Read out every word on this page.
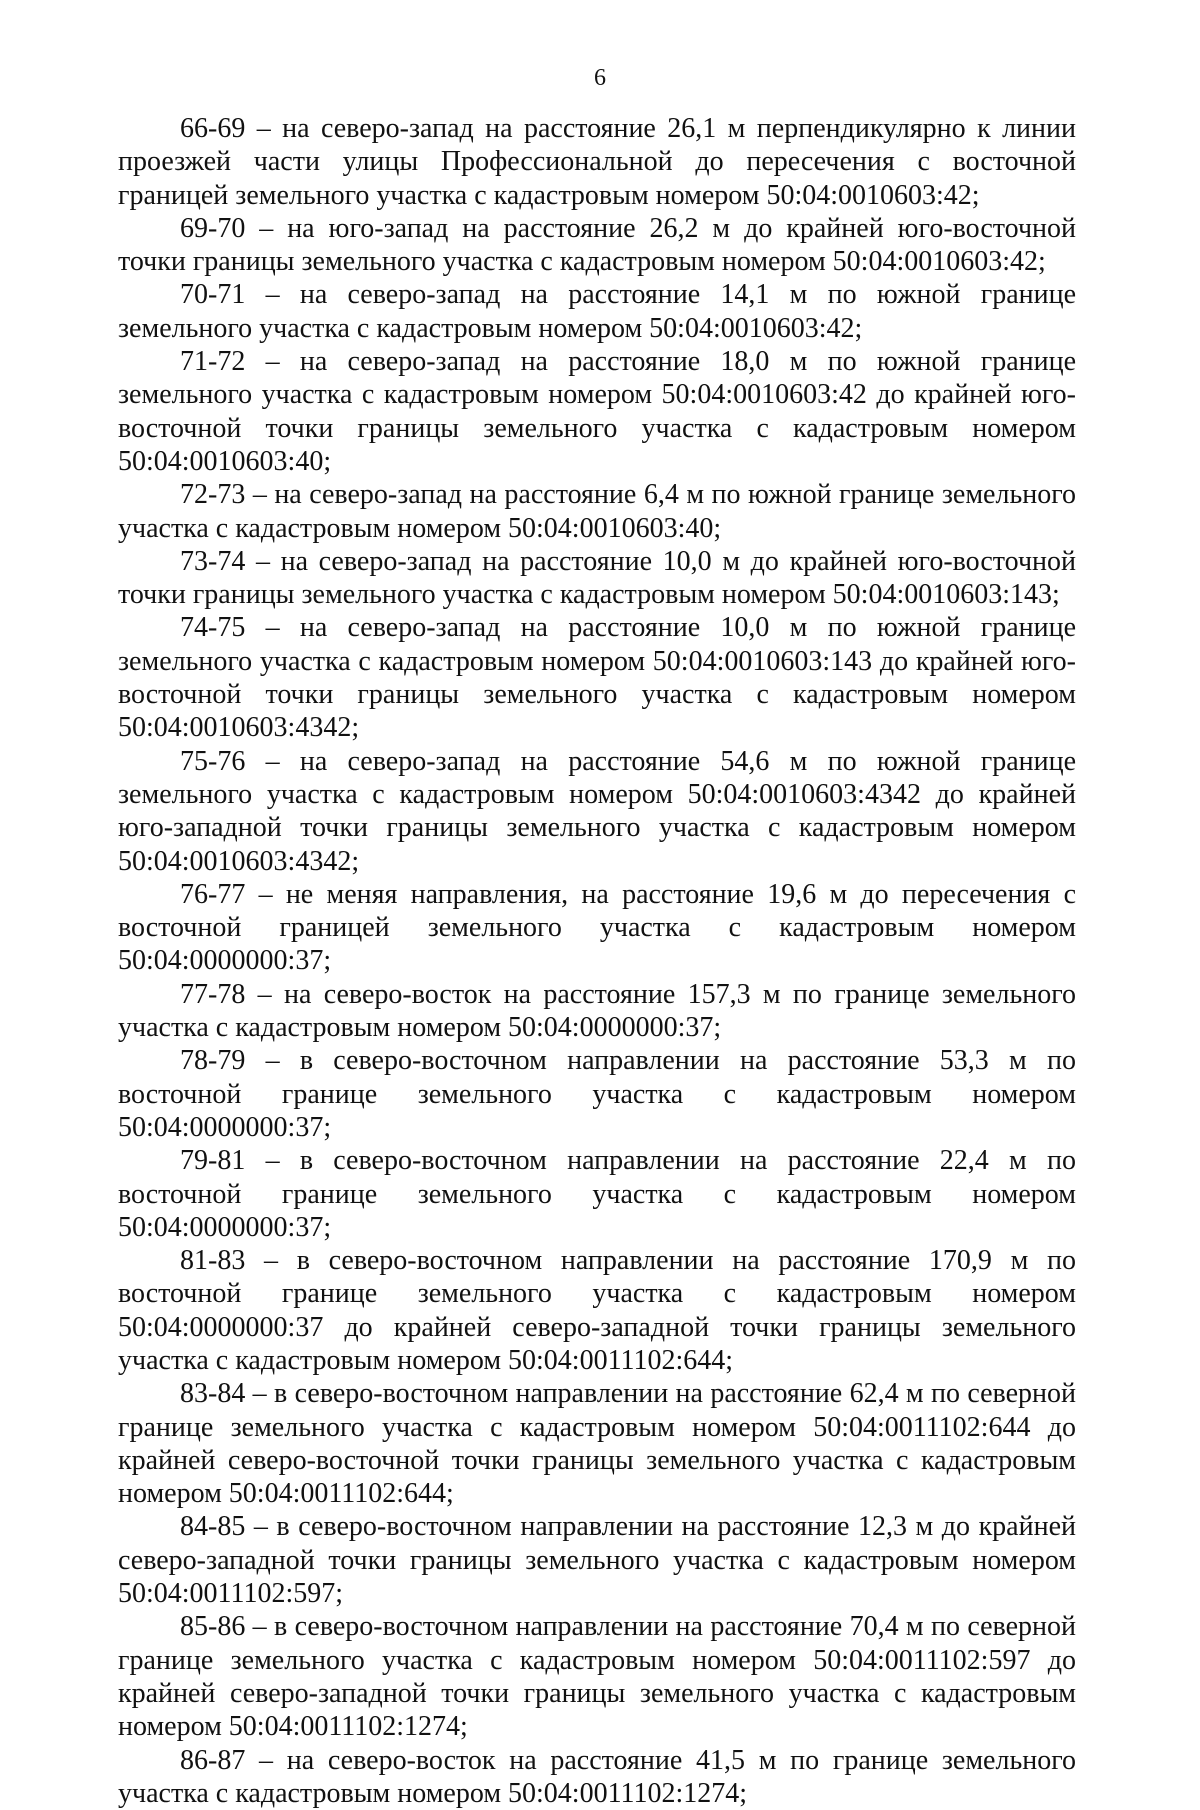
6

66-69 – на северо-запад на расстояние 26,1 м перпендикулярно к линии проезжей части улицы Профессиональной до пересечения с восточной границей земельного участка с кадастровым номером 50:04:0010603:42;

69-70 – на юго-запад на расстояние 26,2 м до крайней юго-восточной точки границы земельного участка с кадастровым номером 50:04:0010603:42;

70-71 – на северо-запад на расстояние 14,1 м по южной границе земельного участка с кадастровым номером 50:04:0010603:42;

71-72 – на северо-запад на расстояние 18,0 м по южной границе земельного участка с кадастровым номером 50:04:0010603:42 до крайней юго-восточной точки границы земельного участка с кадастровым номером 50:04:0010603:40;

72-73 – на северо-запад на расстояние 6,4 м по южной границе земельного участка с кадастровым номером 50:04:0010603:40;

73-74 – на северо-запад на расстояние 10,0 м до крайней юго-восточной точки границы земельного участка с кадастровым номером 50:04:0010603:143;

74-75 – на северо-запад на расстояние 10,0 м по южной границе земельного участка с кадастровым номером 50:04:0010603:143 до крайней юго-восточной точки границы земельного участка с кадастровым номером 50:04:0010603:4342;

75-76 – на северо-запад на расстояние 54,6 м по южной границе земельного участка с кадастровым номером 50:04:0010603:4342 до крайней юго-западной точки границы земельного участка с кадастровым номером 50:04:0010603:4342;

76-77 – не меняя направления, на расстояние 19,6 м до пересечения с восточной границей земельного участка с кадастровым номером 50:04:0000000:37;

77-78 – на северо-восток на расстояние 157,3 м по границе земельного участка с кадастровым номером 50:04:0000000:37;

78-79 – в северо-восточном направлении на расстояние 53,3 м по восточной границе земельного участка с кадастровым номером 50:04:0000000:37;

79-81 – в северо-восточном направлении на расстояние 22,4 м по восточной границе земельного участка с кадастровым номером 50:04:0000000:37;

81-83 – в северо-восточном направлении на расстояние 170,9 м по восточной границе земельного участка с кадастровым номером 50:04:0000000:37 до крайней северо-западной точки границы земельного участка с кадастровым номером 50:04:0011102:644;

83-84 – в северо-восточном направлении на расстояние 62,4 м по северной границе земельного участка с кадастровым номером 50:04:0011102:644 до крайней северо-восточной точки границы земельного участка с кадастровым номером 50:04:0011102:644;

84-85 – в северо-восточном направлении на расстояние 12,3 м до крайней северо-западной точки границы земельного участка с кадастровым номером 50:04:0011102:597;

85-86 – в северо-восточном направлении на расстояние 70,4 м по северной границе земельного участка с кадастровым номером 50:04:0011102:597 до крайней северо-западной точки границы земельного участка с кадастровым номером 50:04:0011102:1274;

86-87 – на северо-восток на расстояние 41,5 м по границе земельного участка с кадастровым номером 50:04:0011102:1274;
